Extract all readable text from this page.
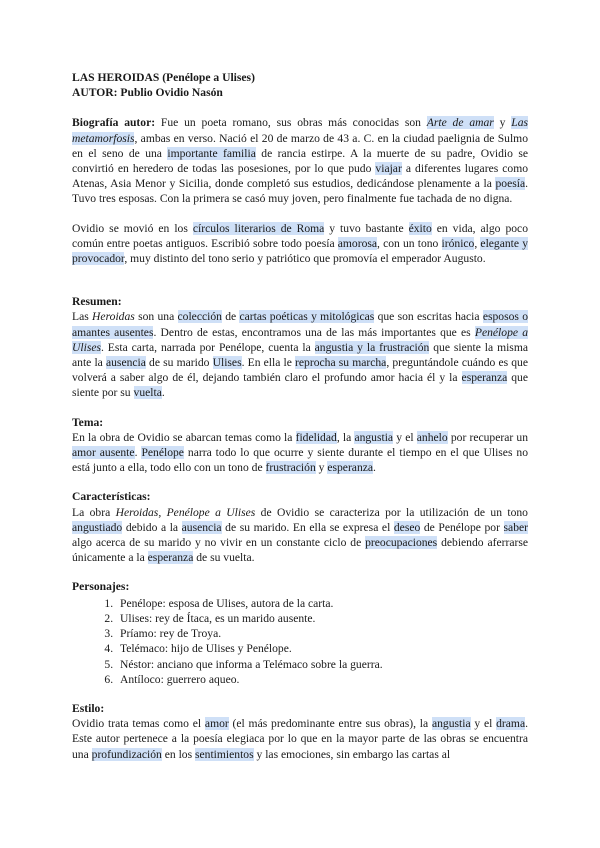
LAS HEROIDAS (Penélope a Ulises)
AUTOR: Publio Ovidio Nasón

Biografía autor: Fue un poeta romano, sus obras más conocidas son Arte de amar y Las metamorfosis, ambas en verso. Nació el 20 de marzo de 43 a. C. en la ciudad paelignia de Sulmo en el seno de una importante familia de rancia estirpe. A la muerte de su padre, Ovidio se convirtió en heredero de todas las posesiones, por lo que pudo viajar a diferentes lugares como Atenas, Asia Menor y Sicilia, donde completó sus estudios, dedicándose plenamente a la poesía. Tuvo tres esposas. Con la primera se casó muy joven, pero finalmente fue tachada de no digna.

Ovidio se movió en los círculos literarios de Roma y tuvo bastante éxito en vida, algo poco común entre poetas antiguos. Escribió sobre todo poesía amorosa, con un tono irónico, elegante y provocador, muy distinto del tono serio y patriótico que promovía el emperador Augusto.

Resumen:

Las Heroidas son una colección de cartas poéticas y mitológicas que son escritas hacia esposos o amantes ausentes. Dentro de estas, encontramos una de las más importantes que es Penélope a Ulises. Esta carta, narrada por Penélope, cuenta la angustia y la frustración que siente la misma ante la ausencia de su marido Ulises. En ella le reprocha su marcha, preguntándole cuándo es que volverá a saber algo de él, dejando también claro el profundo amor hacia él y la esperanza que siente por su vuelta.

Tema:

En la obra de Ovidio se abarcan temas como la fidelidad, la angustia y el anhelo por recuperar un amor ausente. Penélope narra todo lo que ocurre y siente durante el tiempo en el que Ulises no está junto a ella, todo ello con un tono de frustración y esperanza.

Características:

La obra Heroidas, Penélope a Ulises de Ovidio se caracteriza por la utilización de un tono angustiado debido a la ausencia de su marido. En ella se expresa el deseo de Penélope por saber algo acerca de su marido y no vivir en un constante ciclo de preocupaciones debiendo aferrarse únicamente a la esperanza de su vuelta.

Personajes:
1. Penélope: esposa de Ulises, autora de la carta.
2. Ulises: rey de Ítaca, es un marido ausente.
3. Príamo: rey de Troya.
4. Telémaco: hijo de Ulises y Penélope.
5. Néstor: anciano que informa a Telémaco sobre la guerra.
6. Antíloco: guerrero aqueo.
Estilo:

Ovidio trata temas como el amor (el más predominante entre sus obras), la angustia y el drama. Este autor pertenece a la poesía elegiaca por lo que en la mayor parte de las obras se encuentra una profundización en los sentimientos y las emociones, sin embargo las cartas al
